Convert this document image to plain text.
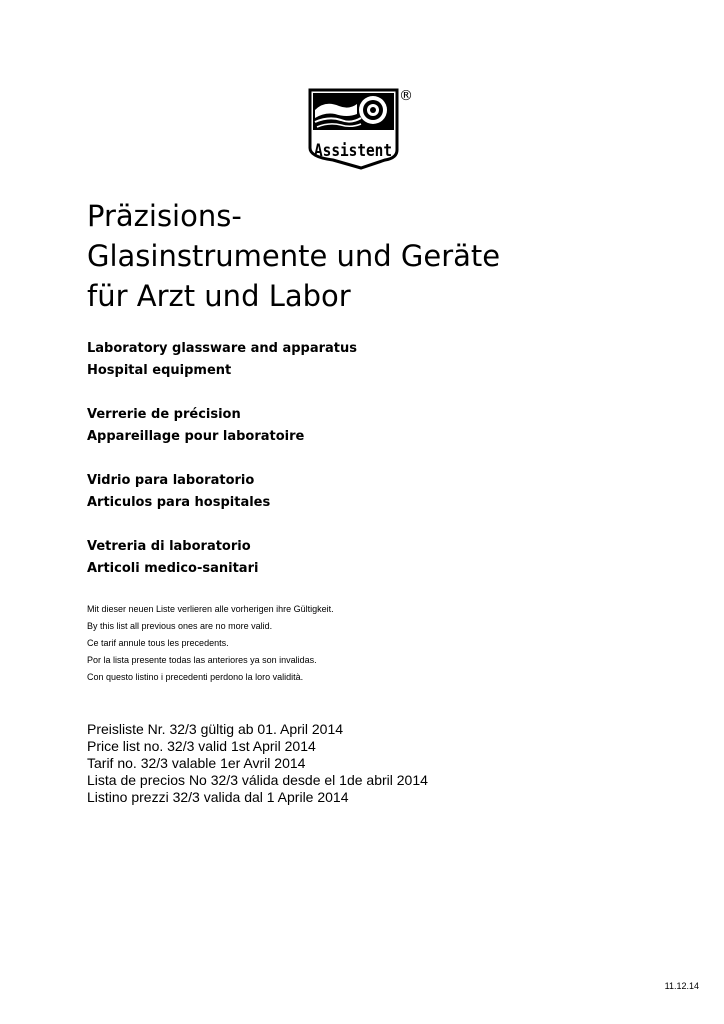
Assistent
®
Präzisions-
Glasinstrumente und Geräte
für Arzt und Labor
Laboratory glassware and apparatus
Hospital equipment
Verrerie de précision
Appareillage pour laboratoire
Vidrio para laboratorio
Articulos para hospitales
Vetreria di laboratorio
Articoli medico-sanitari
Mit dieser neuen Liste verlieren alle vorherigen ihre Gültigkeit.
By this list all previous ones are no more valid.
Ce tarif annule tous les precedents.
Por la lista presente todas las anteriores ya son invalidas.
Con questo listino i precedenti perdono la loro validità.
Preisliste Nr. 32/3 gültig ab 01. April 2014
Price list no. 32/3 valid 1st April 2014
Tarif no. 32/3 valable 1er Avril 2014
Lista de precios No 32/3 válida desde el 1de abril 2014
Listino prezzi 32/3 valida dal 1 Aprile 2014
11.12.14
